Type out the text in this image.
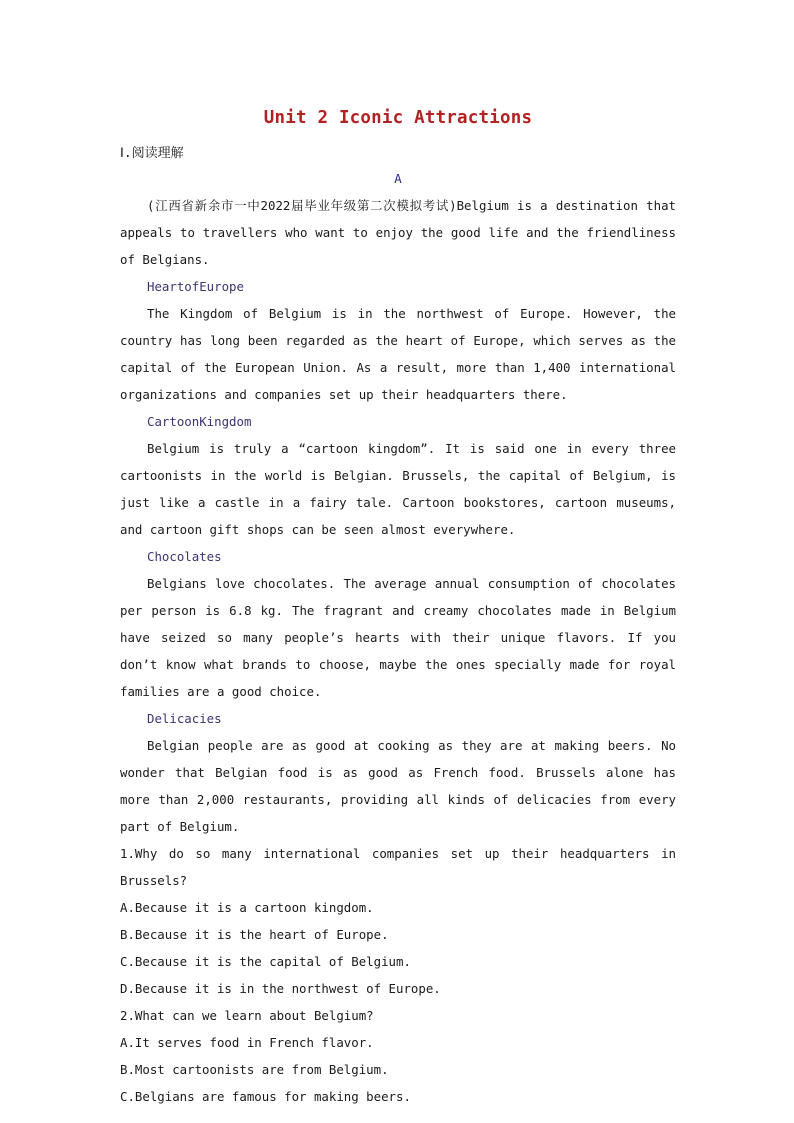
Unit 2 Iconic Attractions
Ⅰ.阅读理解
A

(江西省新余市一中2022届毕业年级第二次模拟考试)Belgium is a destination that appeals to travellers who want to enjoy the good life and the friendliness of Belgians.

HeartofEurope

The Kingdom of Belgium is in the northwest of Europe. However, the country has long been regarded as the heart of Europe, which serves as the capital of the European Union. As a result, more than 1,400 international organizations and companies set up their headquarters there.

CartoonKingdom

Belgium is truly a “cartoon kingdom”. It is said one in every three cartoonists in the world is Belgian. Brussels, the capital of Belgium, is just like a castle in a fairy tale. Cartoon bookstores, cartoon museums, and cartoon gift shops can be seen almost everywhere.

Chocolates

Belgians love chocolates. The average annual consumption of chocolates per person is 6.8 kg. The fragrant and creamy chocolates made in Belgium have seized so many people’s hearts with their unique flavors. If you don’t know what brands to choose, maybe the ones specially made for royal families are a good choice.

Delicacies

Belgian people are as good at cooking as they are at making beers. No wonder that Belgian food is as good as French food. Brussels alone has more than 2,000 restaurants, providing all kinds of delicacies from every part of Belgium.

1.Why do so many international companies set up their headquarters in Brussels?

A.Because it is a cartoon kingdom.

B.Because it is the heart of Europe.

C.Because it is the capital of Belgium.

D.Because it is in the northwest of Europe.

2.What can we learn about Belgium?

A.It serves food in French flavor.

B.Most cartoonists are from Belgium.

C.Belgians are famous for making beers.
